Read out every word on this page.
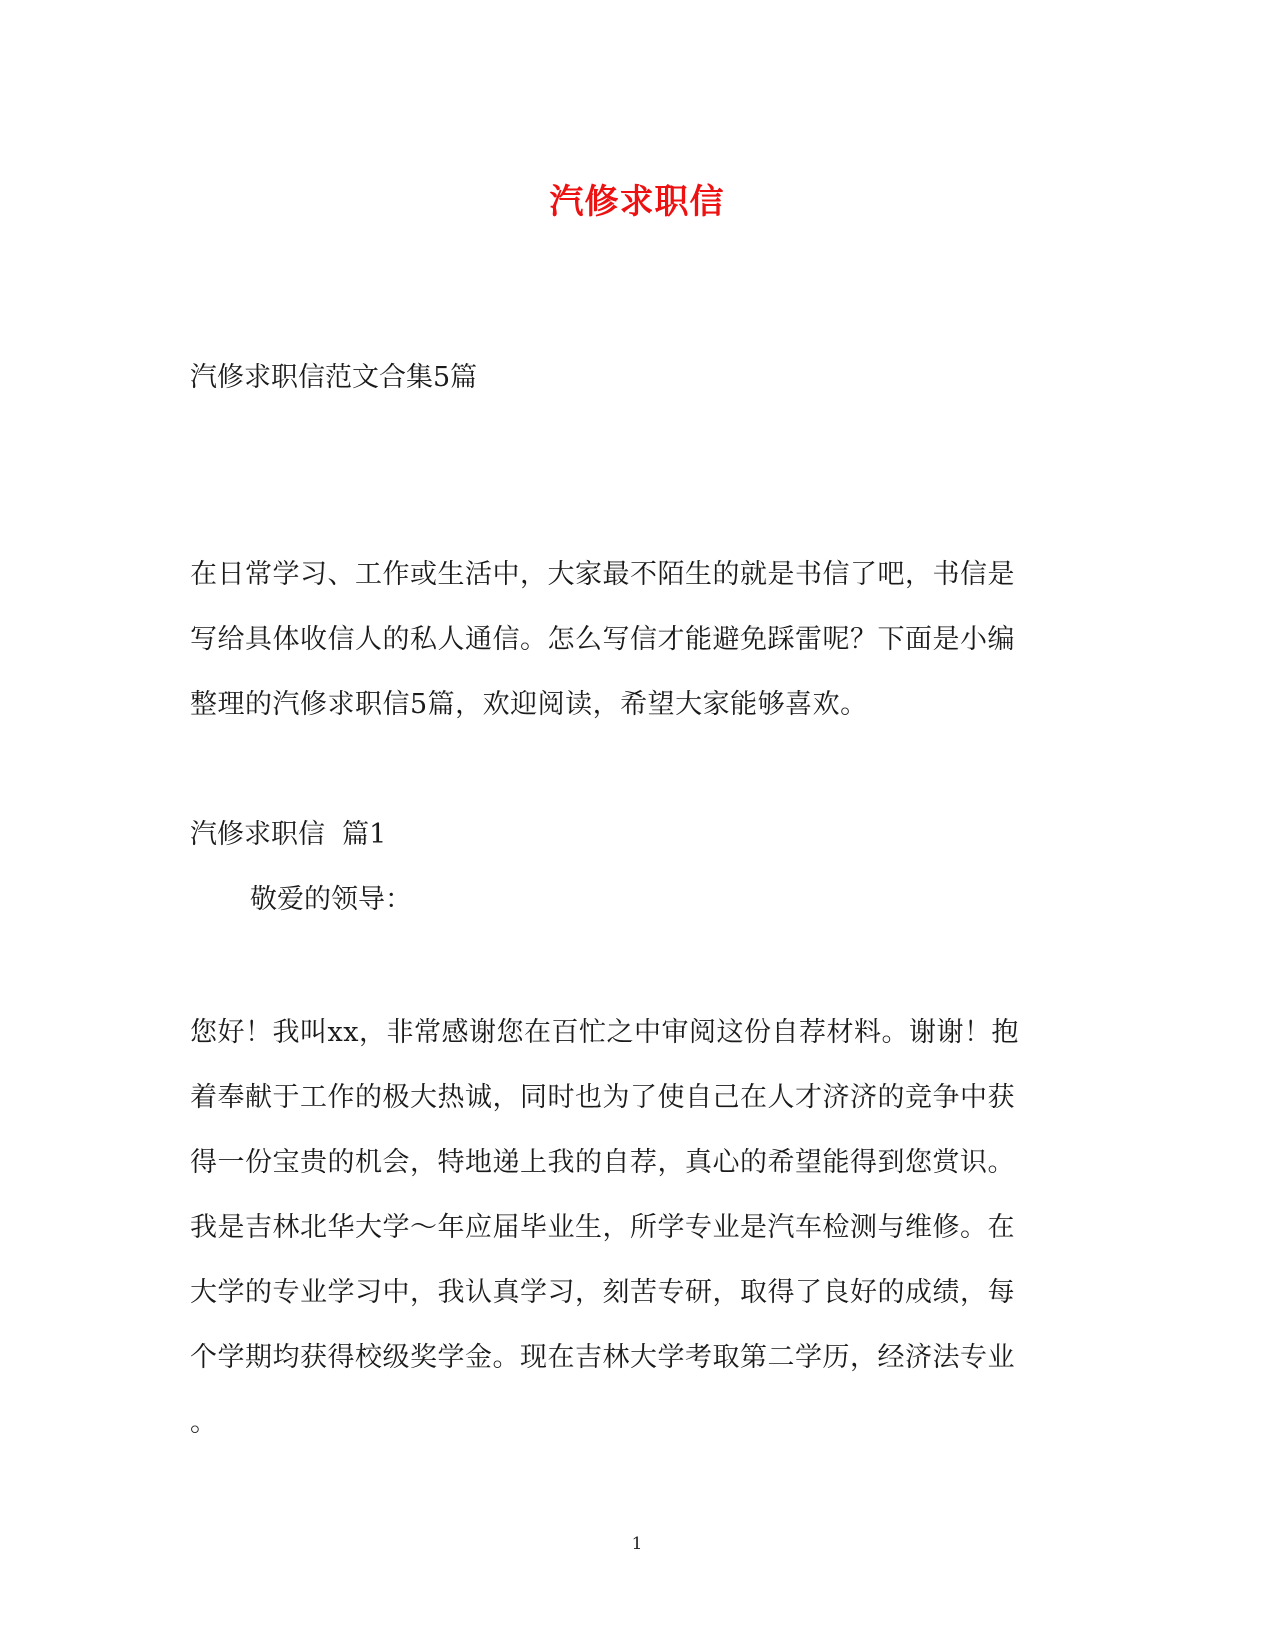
汽修求职信
汽修求职信范文合集5篇
在日常学习、工作或生活中，大家最不陌生的就是书信了吧，书信是
写给具体收信人的私人通信。怎么写信才能避免踩雷呢？下面是小编
整理的汽修求职信5篇，欢迎阅读，希望大家能够喜欢。
汽修求职信  篇1
敬爱的领导：
您好！我叫xx，非常感谢您在百忙之中审阅这份自荐材料。谢谢！抱
着奉献于工作的极大热诚，同时也为了使自己在人才济济的竞争中获
得一份宝贵的机会，特地递上我的自荐，真心的希望能得到您赏识。
我是吉林北华大学～年应届毕业生，所学专业是汽车检测与维修。在
大学的专业学习中，我认真学习，刻苦专研，取得了良好的成绩，每
个学期均获得校级奖学金。现在吉林大学考取第二学历，经济法专业
。
1
